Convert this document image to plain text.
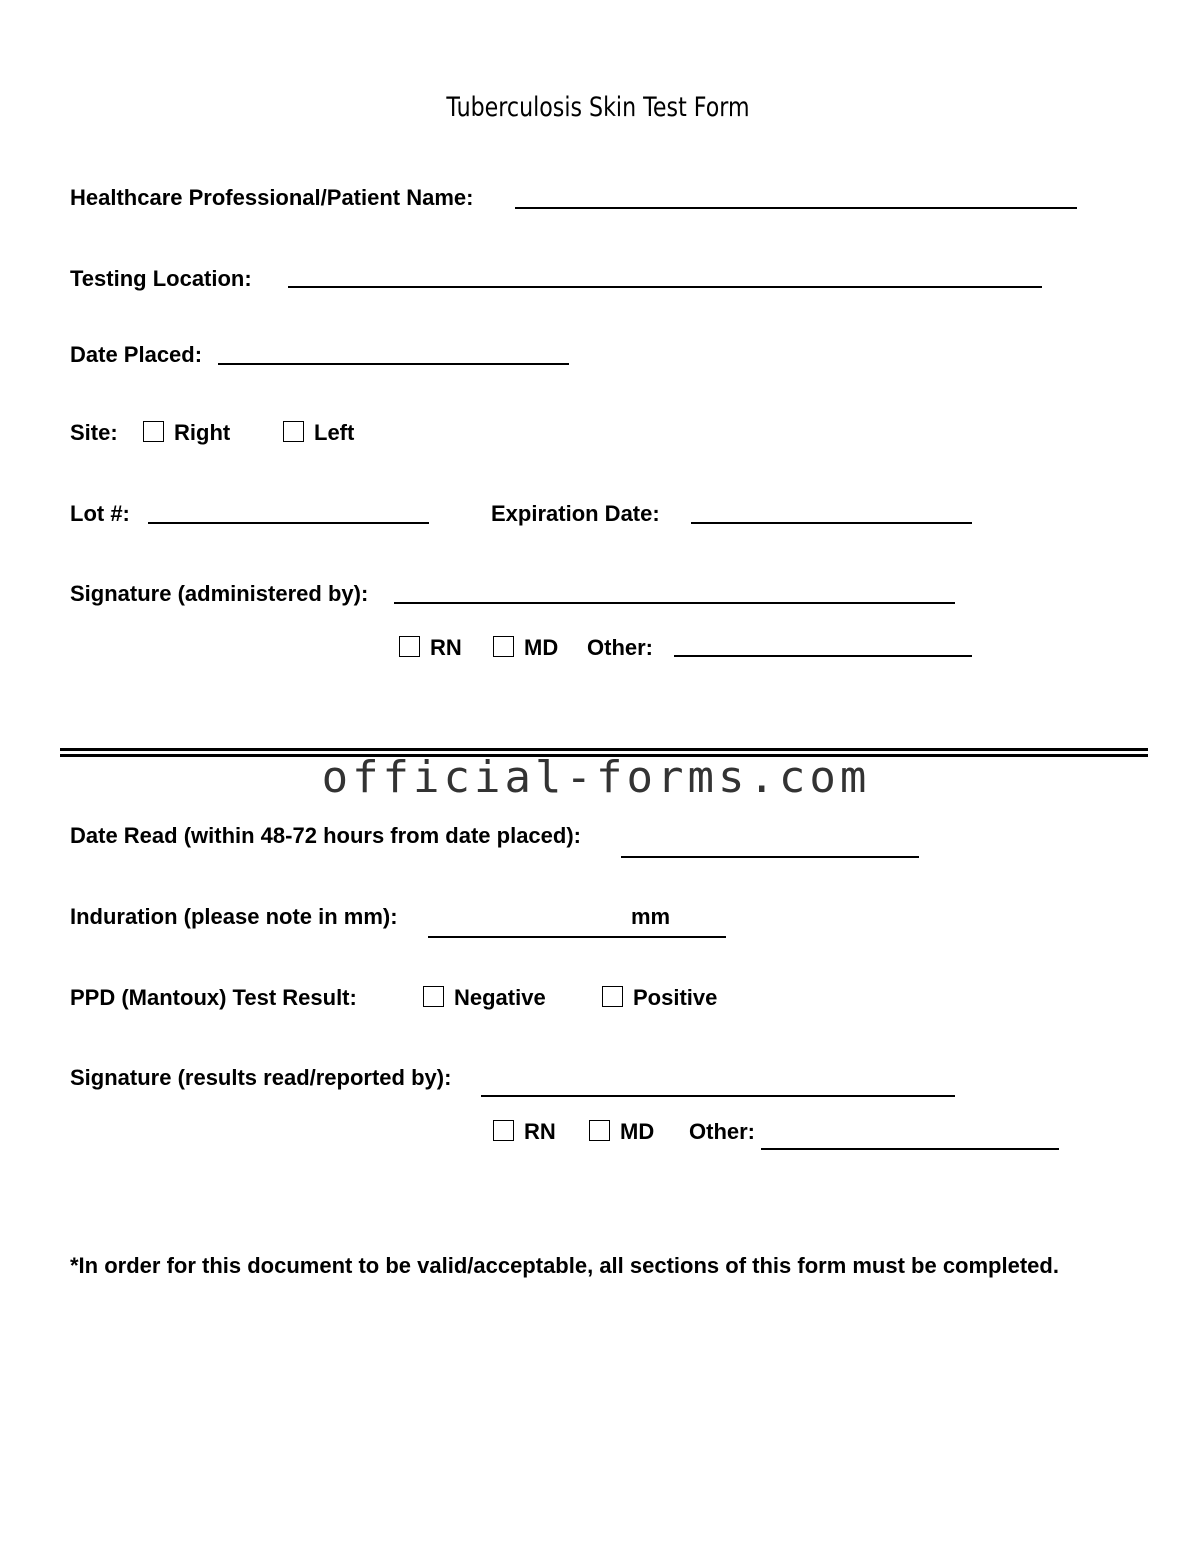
Tuberculosis Skin Test Form
Healthcare Professional/Patient Name:
Testing Location:
Date Placed:
Site:	Right	Left
Lot #:	Expiration Date:
Signature (administered by):
RN	MD Other:
official-forms.com
Date Read (within 48-72 hours from date placed):
Induration (please note in mm):	mm
PPD (Mantoux) Test Result:	Negative	Positive
Signature (results read/reported by):
RN	MD Other:
*In order for this document to be valid/acceptable, all sections of this form must be completed.
